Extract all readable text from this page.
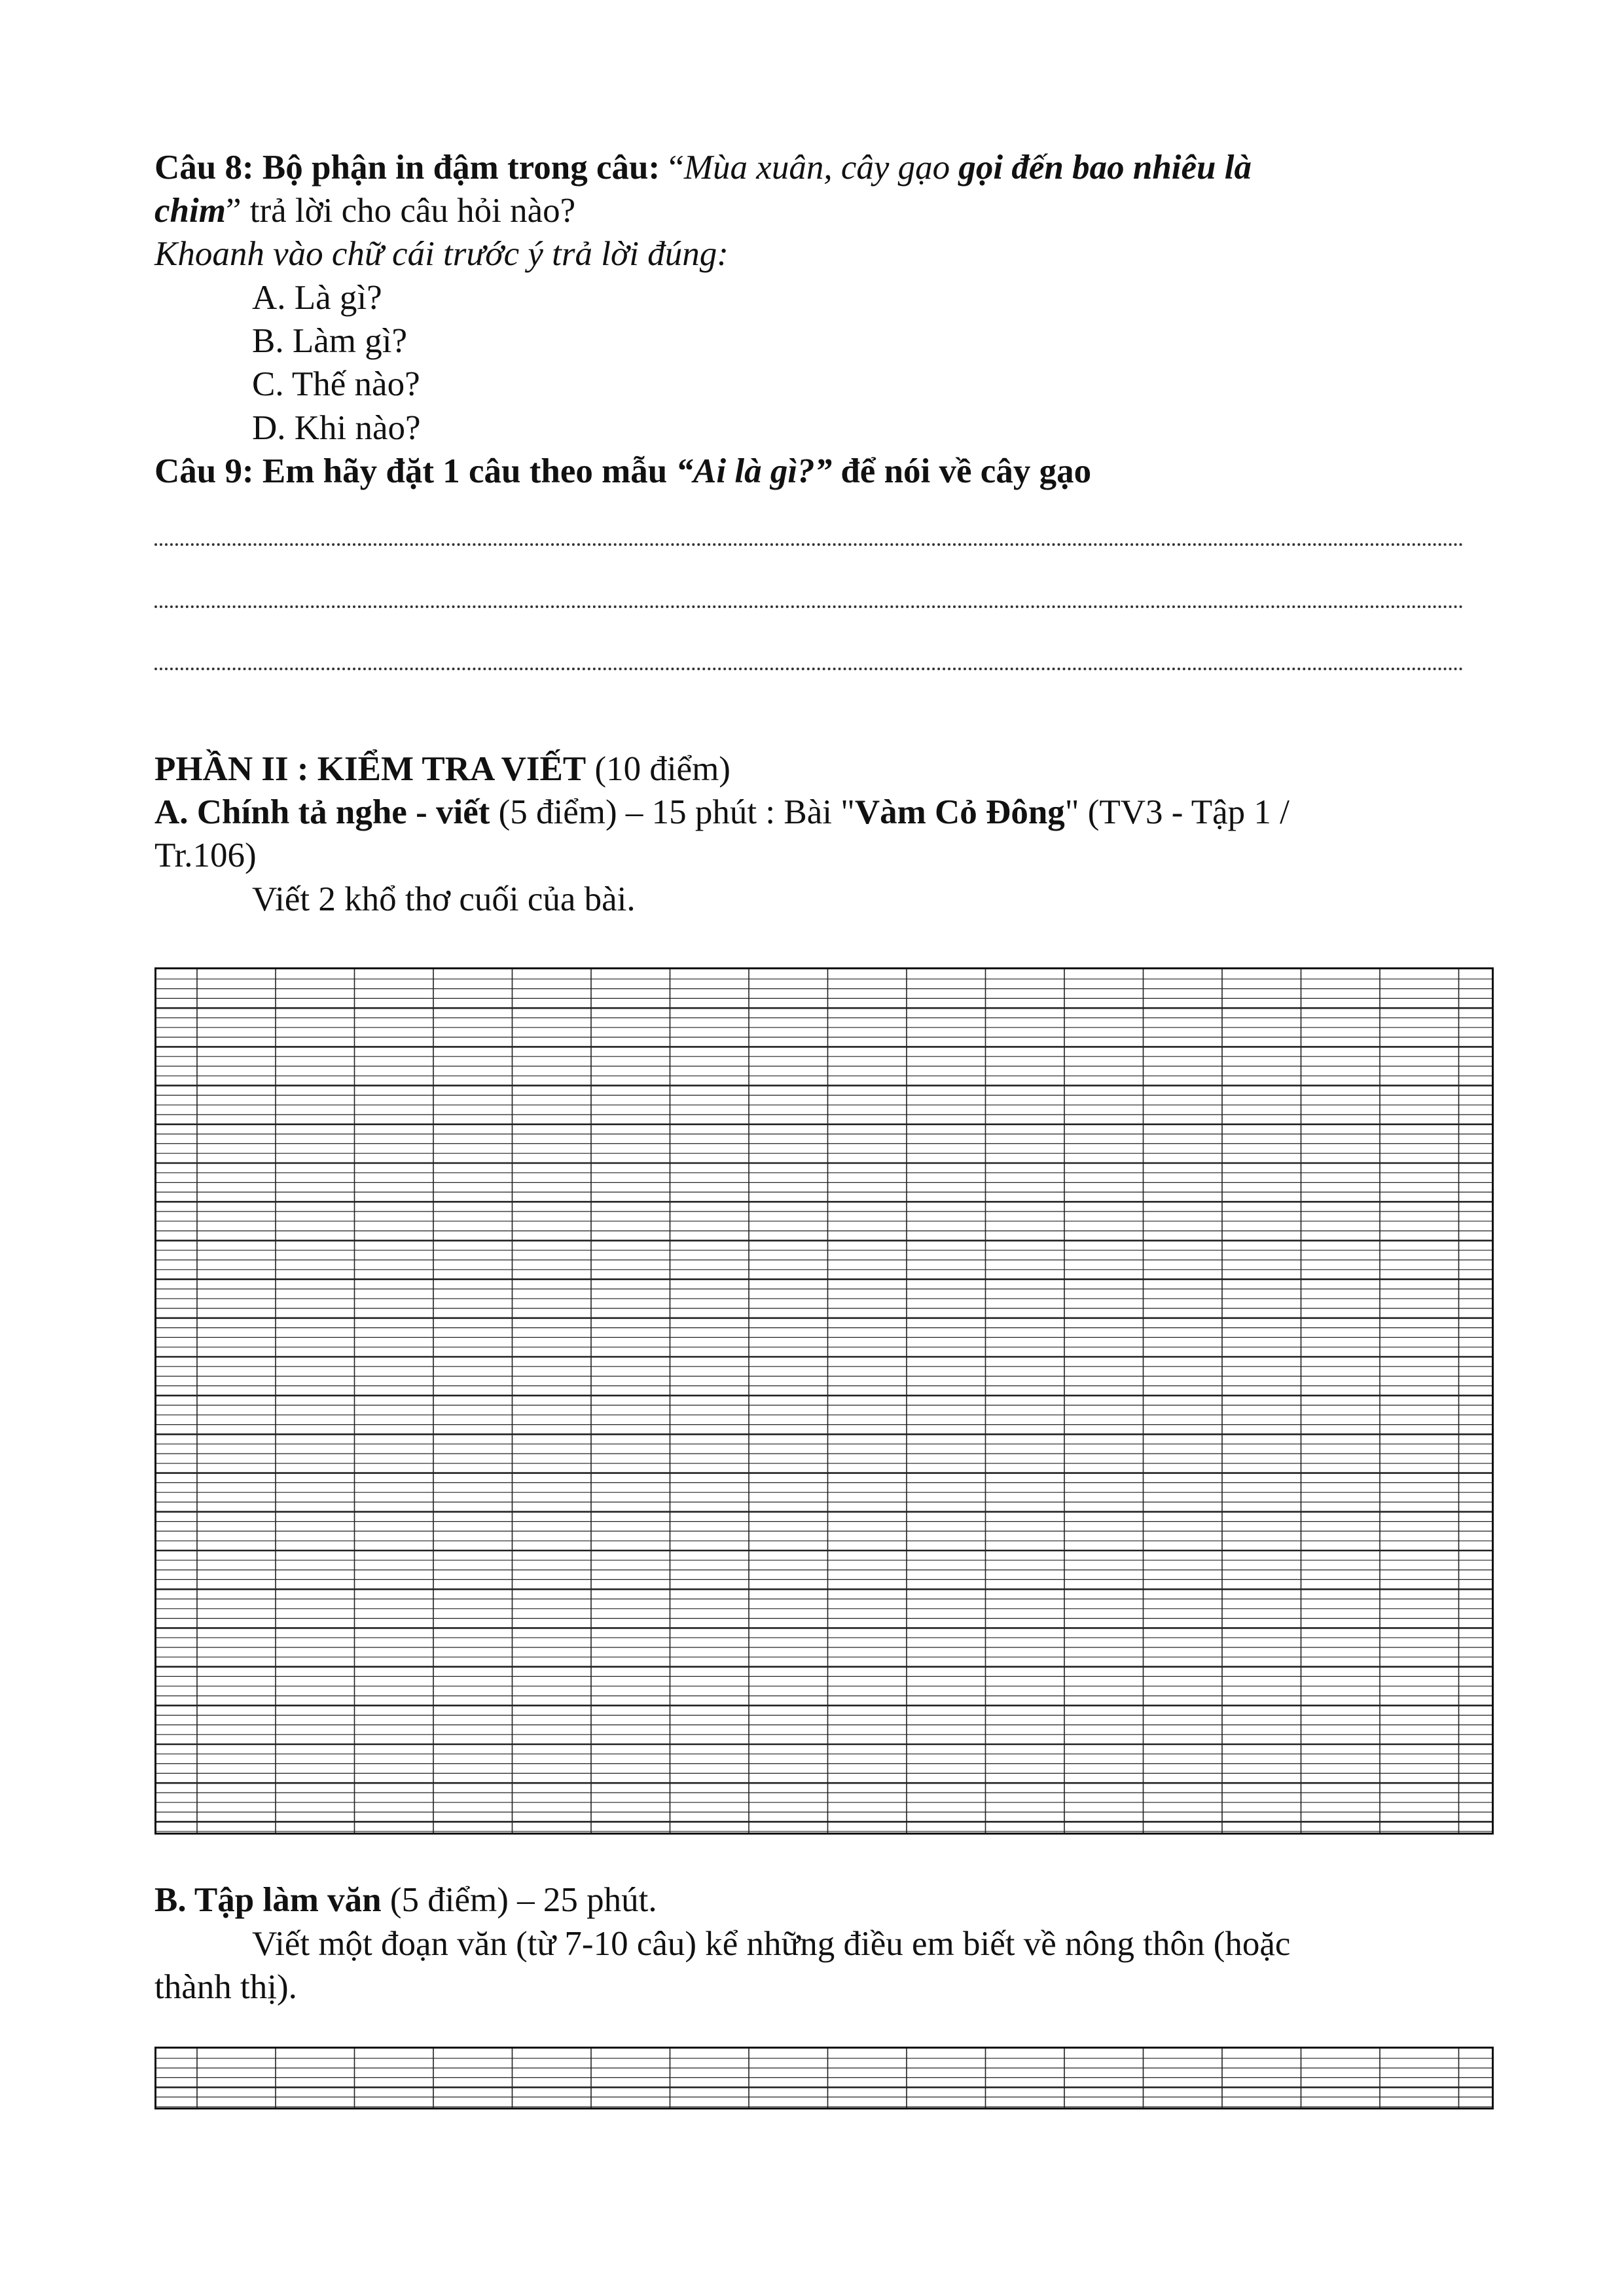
Câu 8: Bộ phận in đậm trong câu: “Mùa xuân, cây gạo gọi đến bao nhiêu là
chim” trả lời cho câu hỏi nào?
Khoanh vào chữ cái trước ý trả lời đúng:
A. Là gì?
B. Làm gì?
C. Thế nào?
D. Khi nào?
Câu 9: Em hãy đặt 1 câu theo mẫu “Ai là gì?” để nói về cây gạo
PHẦN II : KIỂM TRA VIẾT (10 điểm)
A. Chính tả nghe - viết (5 điểm) – 15 phút : Bài "Vàm Cỏ Đông" (TV3 - Tập 1 /
Tr.106)
Viết 2 khổ thơ cuối của bài.
B. Tập làm văn (5 điểm) – 25 phút.
Viết một đoạn văn (từ 7-10 câu) kể những điều em biết về nông thôn (hoặc
thành thị).
